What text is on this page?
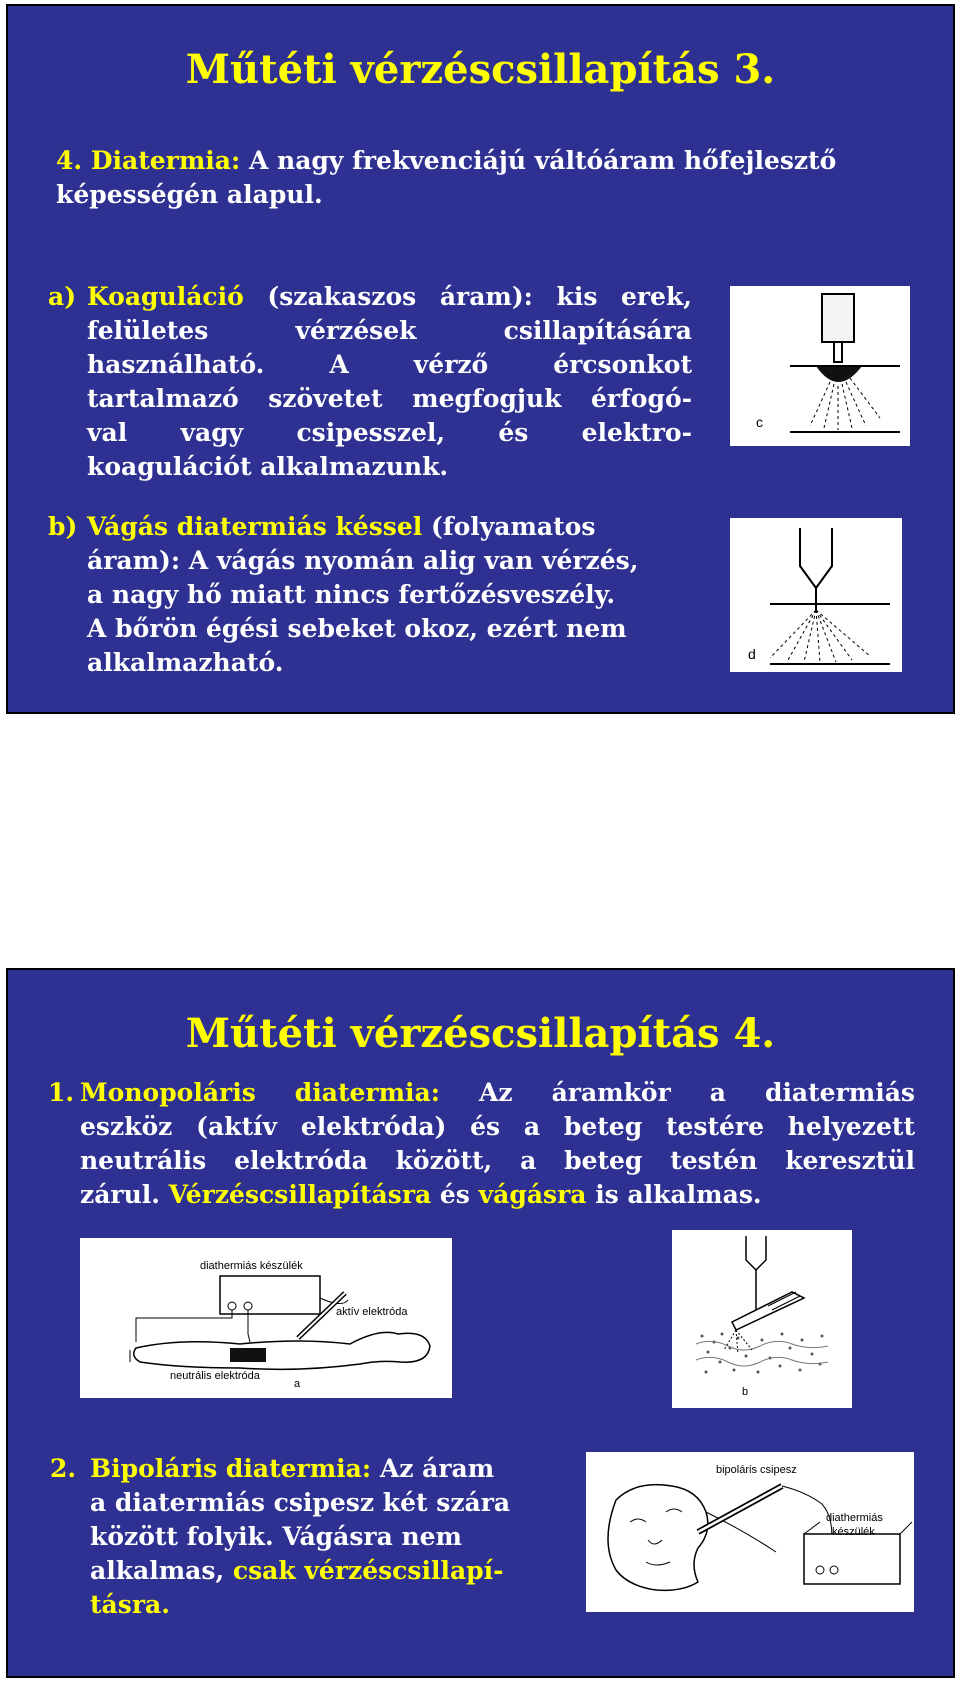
Műtéti vérzéscsillapítás 3.
4. Diatermia: A nagy frekvenciájú váltóáram hőfejlesztő
képességén alapul.
a) Koaguláció (szakaszos áram): kis erek,
felületes vérzések csillapítására
használható. A vérző ércsonkot
tartalmazó szövetet megfogjuk érfogó-
val vagy csipesszel, és elektro-
koagulációt alkalmazunk.
b) Vágás diatermiás késsel (folyamatos
áram): A vágás nyomán alig van vérzés,
a nagy hő miatt nincs fertőzésveszély.
A bőrön égési sebeket okoz, ezért nem
alkalmazható.
c
d
Műtéti vérzéscsillapítás 4.
1. Monopoláris diatermia: Az áramkör a diatermiás
eszköz (aktív elektróda) és a beteg testére helyezett
neutrális elektróda között, a beteg testén keresztül
zárul. Vérzéscsillapításra és vágásra is alkalmas.
diathermiás készülék
aktív elektróda
neutrális elektróda
a
b
2. Bipoláris diatermia: Az áram
a diatermiás csipesz két szára
között folyik. Vágásra nem
alkalmas, csak vérzéscsillapí-
tásra.
bipoláris csipesz
diathermiás
készülék
